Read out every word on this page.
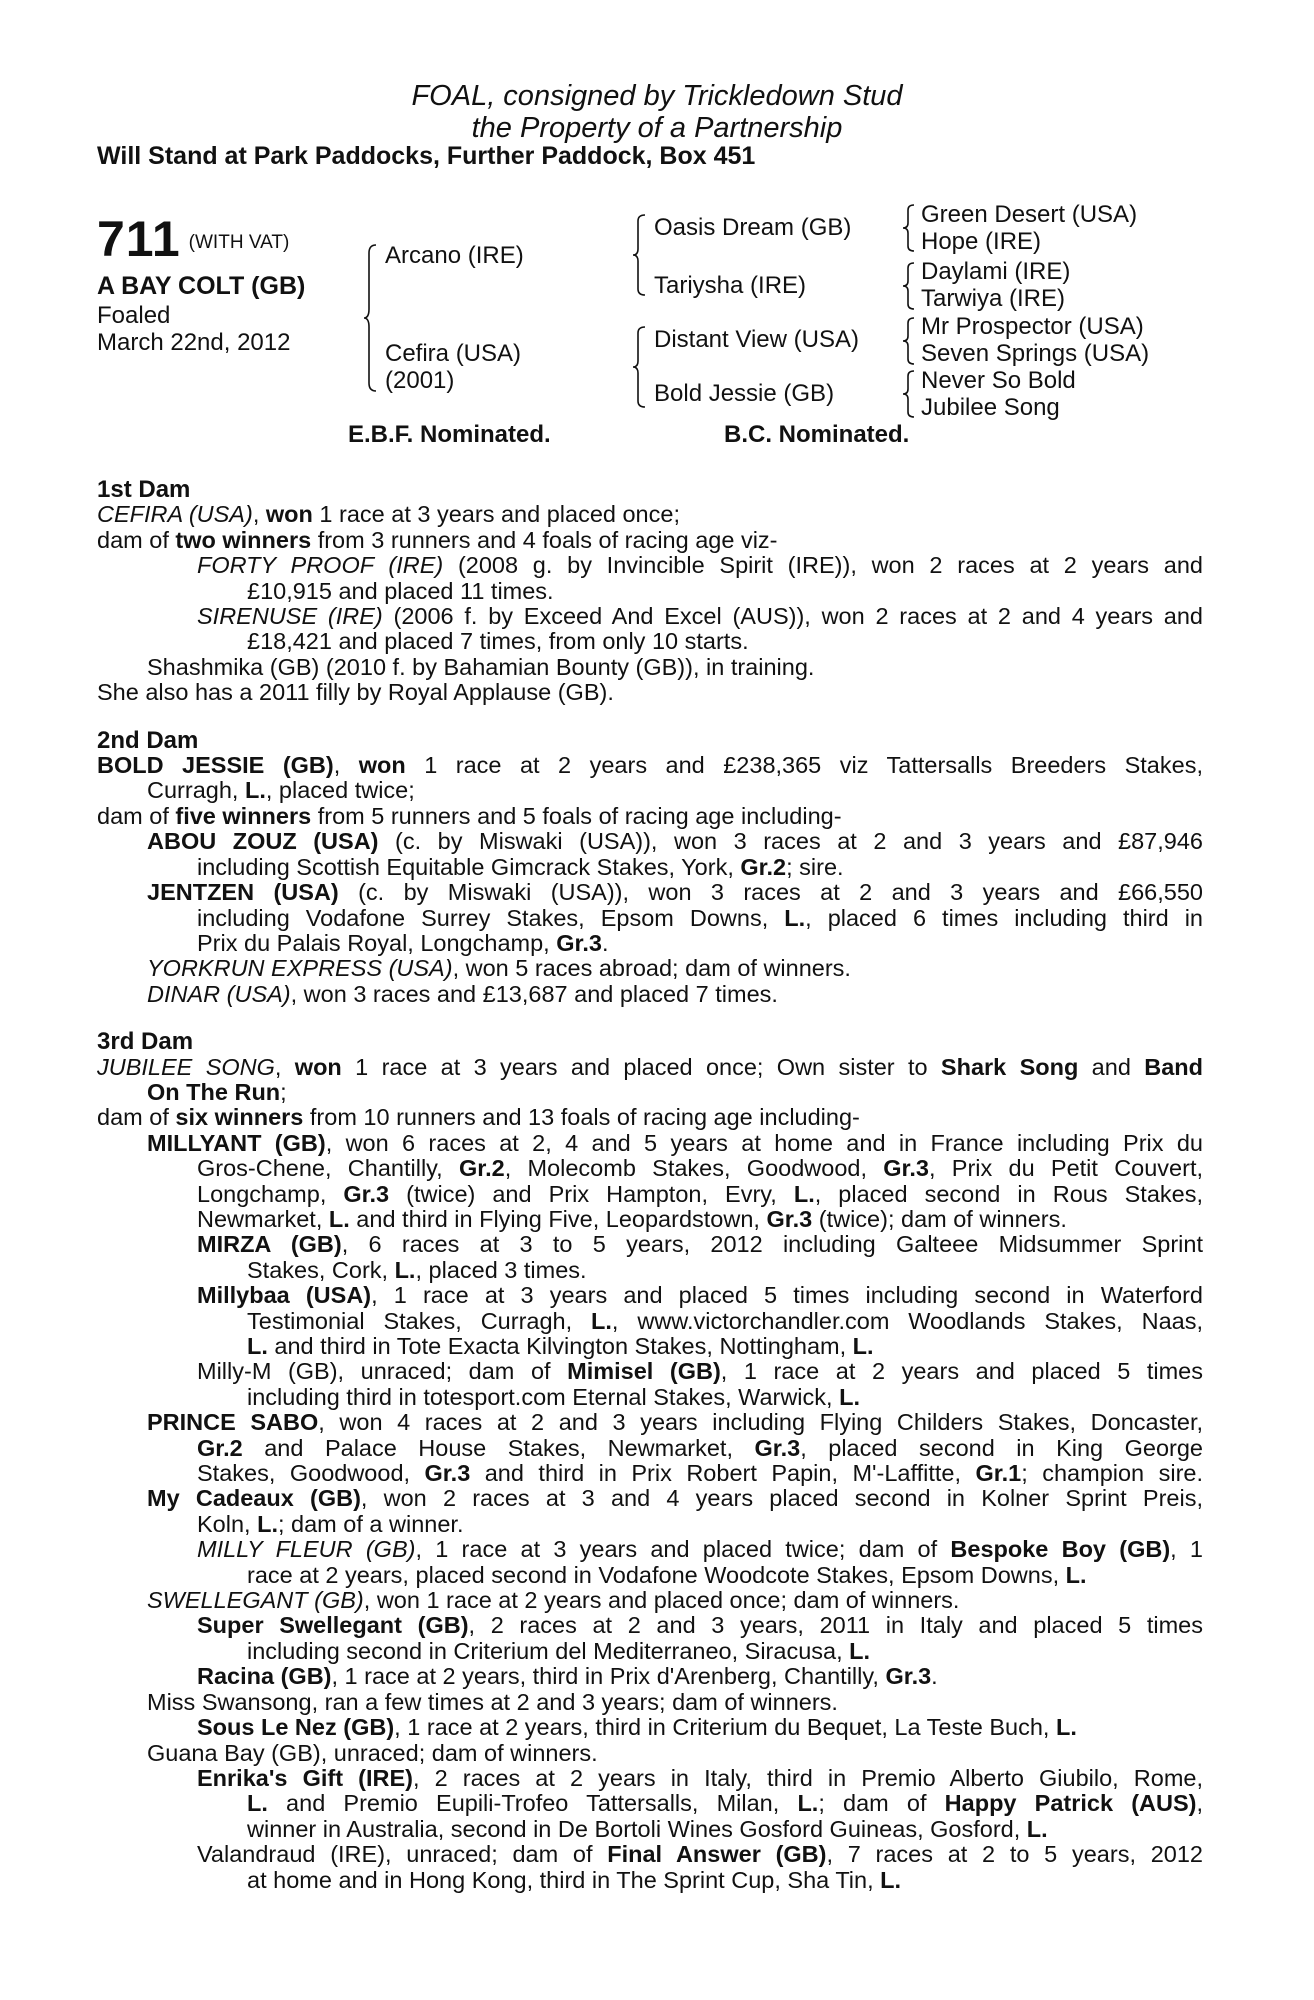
FOAL, consigned by Trickledown Stud
the Property of a Partnership
Will Stand at Park Paddocks, Further Paddock, Box 451
711 (WITH VAT)
A BAY COLT (GB)
Foaled
March 22nd, 2012
Arcano (IRE)
Cefira (USA)
(2001)
Oasis Dream (GB)
Tariysha (IRE)
Distant View (USA)
Bold Jessie (GB)
Green Desert (USA)
Hope (IRE)
Daylami (IRE)
Tarwiya (IRE)
Mr Prospector (USA)
Seven Springs (USA)
Never So Bold
Jubilee Song
E.B.F. Nominated.	B.C. Nominated.
1st Dam
CEFIRA (USA), won 1 race at 3 years and placed once;
dam of two winners from 3 runners and 4 foals of racing age viz-
FORTY PROOF (IRE) (2008 g. by Invincible Spirit (IRE)), won 2 races at 2 years and
£10,915 and placed 11 times.
SIRENUSE (IRE) (2006 f. by Exceed And Excel (AUS)), won 2 races at 2 and 4 years and
£18,421 and placed 7 times, from only 10 starts.
Shashmika (GB) (2010 f. by Bahamian Bounty (GB)), in training.
She also has a 2011 filly by Royal Applause (GB).
2nd Dam
BOLD JESSIE (GB), won 1 race at 2 years and £238,365 viz Tattersalls Breeders Stakes,
Curragh, L., placed twice;
dam of five winners from 5 runners and 5 foals of racing age including-
ABOU ZOUZ (USA) (c. by Miswaki (USA)), won 3 races at 2 and 3 years and £87,946
including Scottish Equitable Gimcrack Stakes, York, Gr.2; sire.
JENTZEN (USA) (c. by Miswaki (USA)), won 3 races at 2 and 3 years and £66,550
including Vodafone Surrey Stakes, Epsom Downs, L., placed 6 times including third in
Prix du Palais Royal, Longchamp, Gr.3.
YORKRUN EXPRESS (USA), won 5 races abroad; dam of winners.
DINAR (USA), won 3 races and £13,687 and placed 7 times.
3rd Dam
JUBILEE SONG, won 1 race at 3 years and placed once; Own sister to Shark Song and Band
On The Run;
dam of six winners from 10 runners and 13 foals of racing age including-
MILLYANT (GB), won 6 races at 2, 4 and 5 years at home and in France including Prix du
Gros-Chene, Chantilly, Gr.2, Molecomb Stakes, Goodwood, Gr.3, Prix du Petit Couvert,
Longchamp, Gr.3 (twice) and Prix Hampton, Evry, L., placed second in Rous Stakes,
Newmarket, L. and third in Flying Five, Leopardstown, Gr.3 (twice); dam of winners.
MIRZA (GB), 6 races at 3 to 5 years, 2012 including Galteee Midsummer Sprint
Stakes, Cork, L., placed 3 times.
Millybaa (USA), 1 race at 3 years and placed 5 times including second in Waterford
Testimonial Stakes, Curragh, L., www.victorchandler.com Woodlands Stakes, Naas,
L. and third in Tote Exacta Kilvington Stakes, Nottingham, L.
Milly-M (GB), unraced; dam of Mimisel (GB), 1 race at 2 years and placed 5 times
including third in totesport.com Eternal Stakes, Warwick, L.
PRINCE SABO, won 4 races at 2 and 3 years including Flying Childers Stakes, Doncaster,
Gr.2 and Palace House Stakes, Newmarket, Gr.3, placed second in King George
Stakes, Goodwood, Gr.3 and third in Prix Robert Papin, M'-Laffitte, Gr.1; champion sire.
My Cadeaux (GB), won 2 races at 3 and 4 years placed second in Kolner Sprint Preis,
Koln, L.; dam of a winner.
MILLY FLEUR (GB), 1 race at 3 years and placed twice; dam of Bespoke Boy (GB), 1
race at 2 years, placed second in Vodafone Woodcote Stakes, Epsom Downs, L.
SWELLEGANT (GB), won 1 race at 2 years and placed once; dam of winners.
Super Swellegant (GB), 2 races at 2 and 3 years, 2011 in Italy and placed 5 times
including second in Criterium del Mediterraneo, Siracusa, L.
Racina (GB), 1 race at 2 years, third in Prix d'Arenberg, Chantilly, Gr.3.
Miss Swansong, ran a few times at 2 and 3 years; dam of winners.
Sous Le Nez (GB), 1 race at 2 years, third in Criterium du Bequet, La Teste Buch, L.
Guana Bay (GB), unraced; dam of winners.
Enrika's Gift (IRE), 2 races at 2 years in Italy, third in Premio Alberto Giubilo, Rome,
L. and Premio Eupili-Trofeo Tattersalls, Milan, L.; dam of Happy Patrick (AUS),
winner in Australia, second in De Bortoli Wines Gosford Guineas, Gosford, L.
Valandraud (IRE), unraced; dam of Final Answer (GB), 7 races at 2 to 5 years, 2012
at home and in Hong Kong, third in The Sprint Cup, Sha Tin, L.
